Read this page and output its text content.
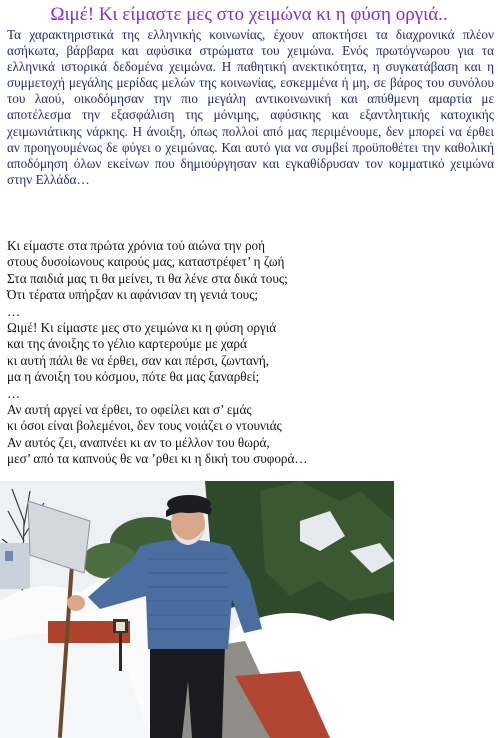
Ωιμέ! Κι είμαστε μες στο χειμώνα κι η φύση οργιά..

Τα χαρακτηριστικά της ελληνικής κοινωνίας, έχουν αποκτήσει τα διαχρονικά πλέον ασήκωτα, βάρβαρα και αφύσικα στρώματα του χειμώνα. Ενός πρωτόγνωρου για τα ελληνικά ιστορικά δεδομένα χειμώνα. Η παθητική ανεκτικότητα, η συγκατάβαση και η συμμετοχή μεγάλης μερίδας μελών της κοινωνίας, εσκεμμένα ή μη, σε βάρος του συνόλου του λαού, οικοδόμησαν την πιο μεγάλη αντικοινωνική και απύθμενη αμαρτία με αποτέλεσμα την εξασφάλιση της μόνιμης, αφύσικης και εξαντλητικής κατοχικής χειμωνιάτικης νάρκης. Η άνοιξη, όπως πολλοί από μας περιμένουμε, δεν μπορεί να έρθει αν προηγουμένως δε φύγει ο χειμώνας. Και αυτό για να συμβεί προϋποθέτει την καθολική αποδόμηση όλων εκείνων που δημιούργησαν και εγκαθίδρυσαν τον κομματικό χειμώνα στην Ελλάδα…

Κι είμαστε στα πρώτα χρόνια τού αιώνα την ροή
στους δυσοίωνους καιρούς μας, καταστρέφετ’ η ζωή
Στα παιδιά μας τι θα μείνει, τι θα λένε στα δικά τους;
Ότι τέρατα υπήρξαν κι αφάνισαν τη γενιά τους;
…
Ωιμέ! Κι είμαστε μες στο χειμώνα κι η φύση οργιά
και της άνοιξης το γέλιο καρτερούμε με χαρά
κι αυτή πάλι θε να έρθει, σαν και πέρσι, ζωντανή,
μα η άνοιξη του κόσμου, πότε θα μας ξαναρθεί;
…
Αν αυτή αργεί να έρθει, το οφείλει και σ’ εμάς
κι όσοι είναι βολεμένοι, δεν τους νοιάζει ο ντουνιάς
Αν αυτός ζει, αναπνέει κι αν το μέλλον του θωρά,
μεσ’ από τα καπνούς θε να ’ρθει κι η δική του συφορά…
